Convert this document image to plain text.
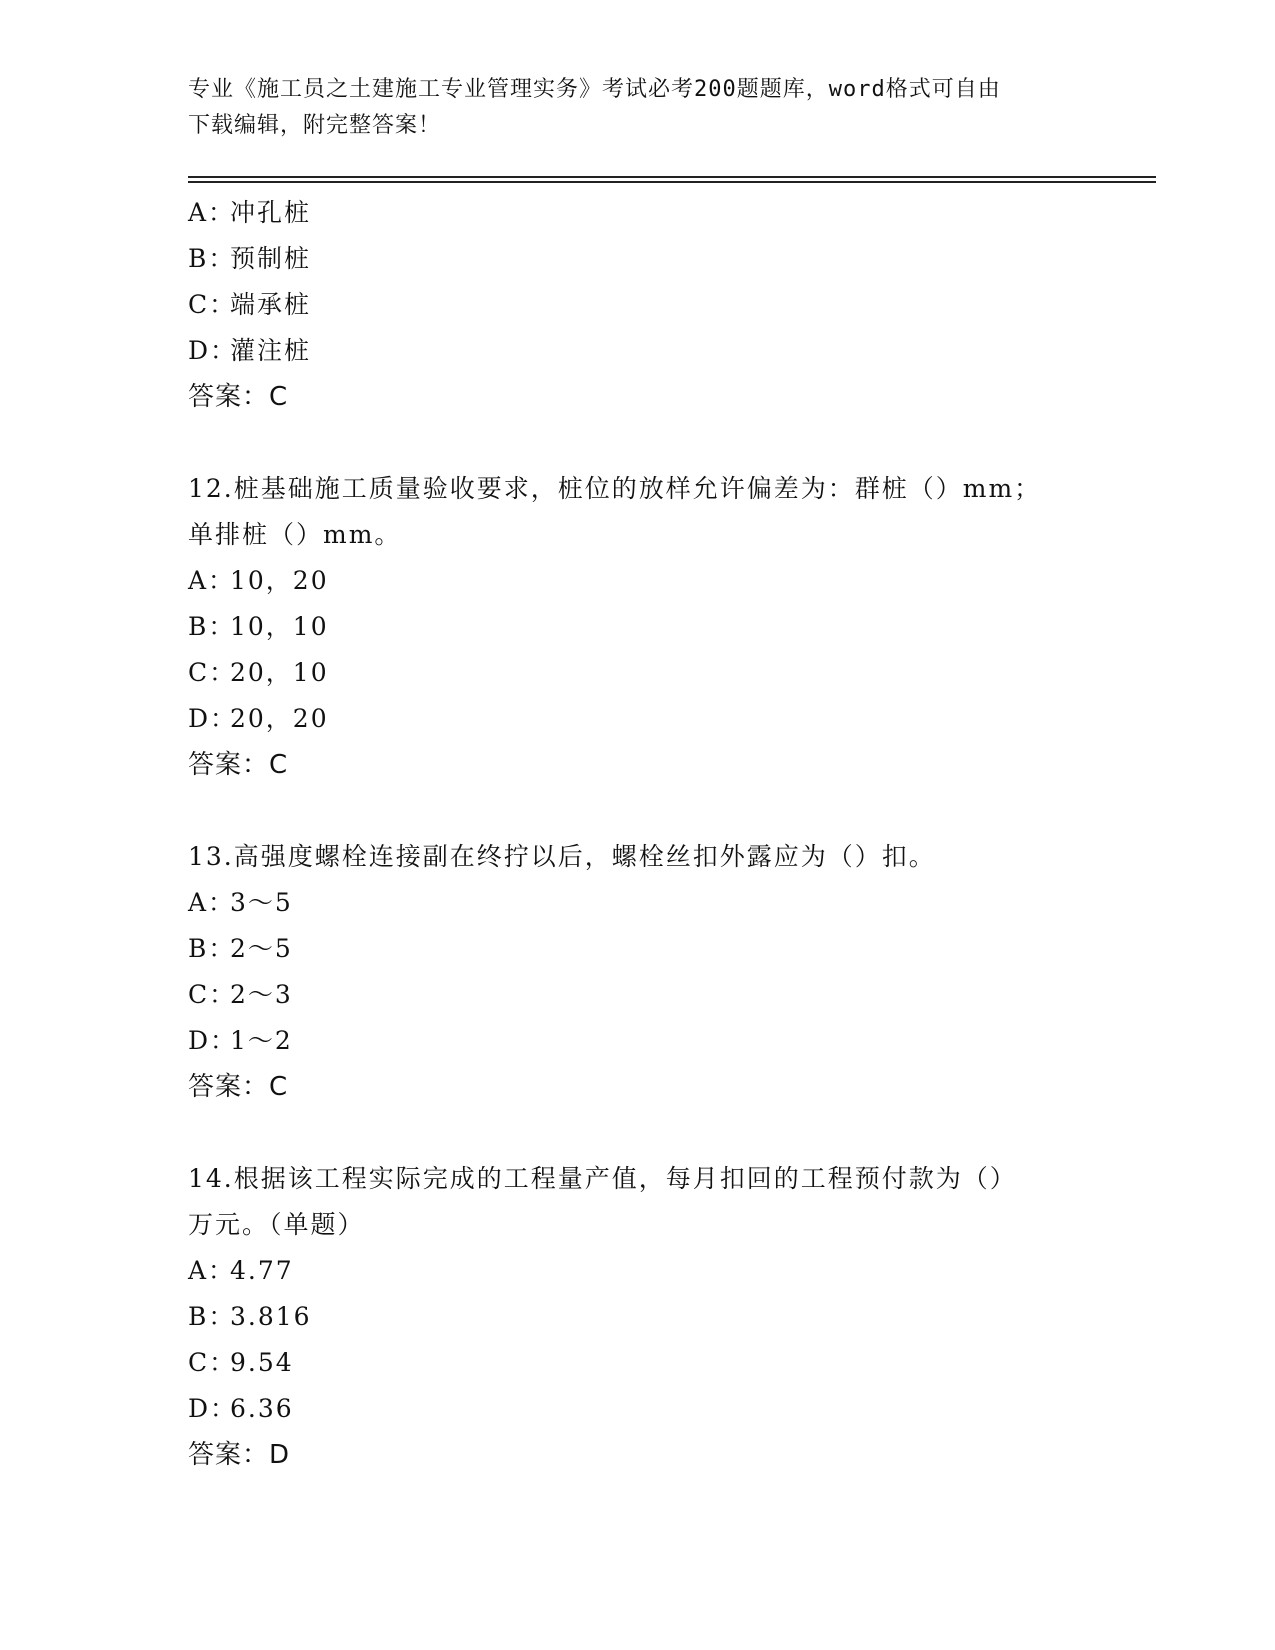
专业《施工员之土建施工专业管理实务》考试必考200题题库，word格式可自由
下载编辑，附完整答案！
A：冲孔桩
B：预制桩
C：端承桩
D：灌注桩
答案：C
12.桩基础施工质量验收要求，桩位的放样允许偏差为：群桩（）mm；
单排桩（）mm。
A：10，20
B：10，10
C：20，10
D：20，20
答案：C
13.高强度螺栓连接副在终拧以后，螺栓丝扣外露应为（）扣。
A：3～5
B：2～5
C：2～3
D：1～2
答案：C
14.根据该工程实际完成的工程量产值，每月扣回的工程预付款为（）
万元。（单题）
A：4.77
B：3.816
C：9.54
D：6.36
答案：D
